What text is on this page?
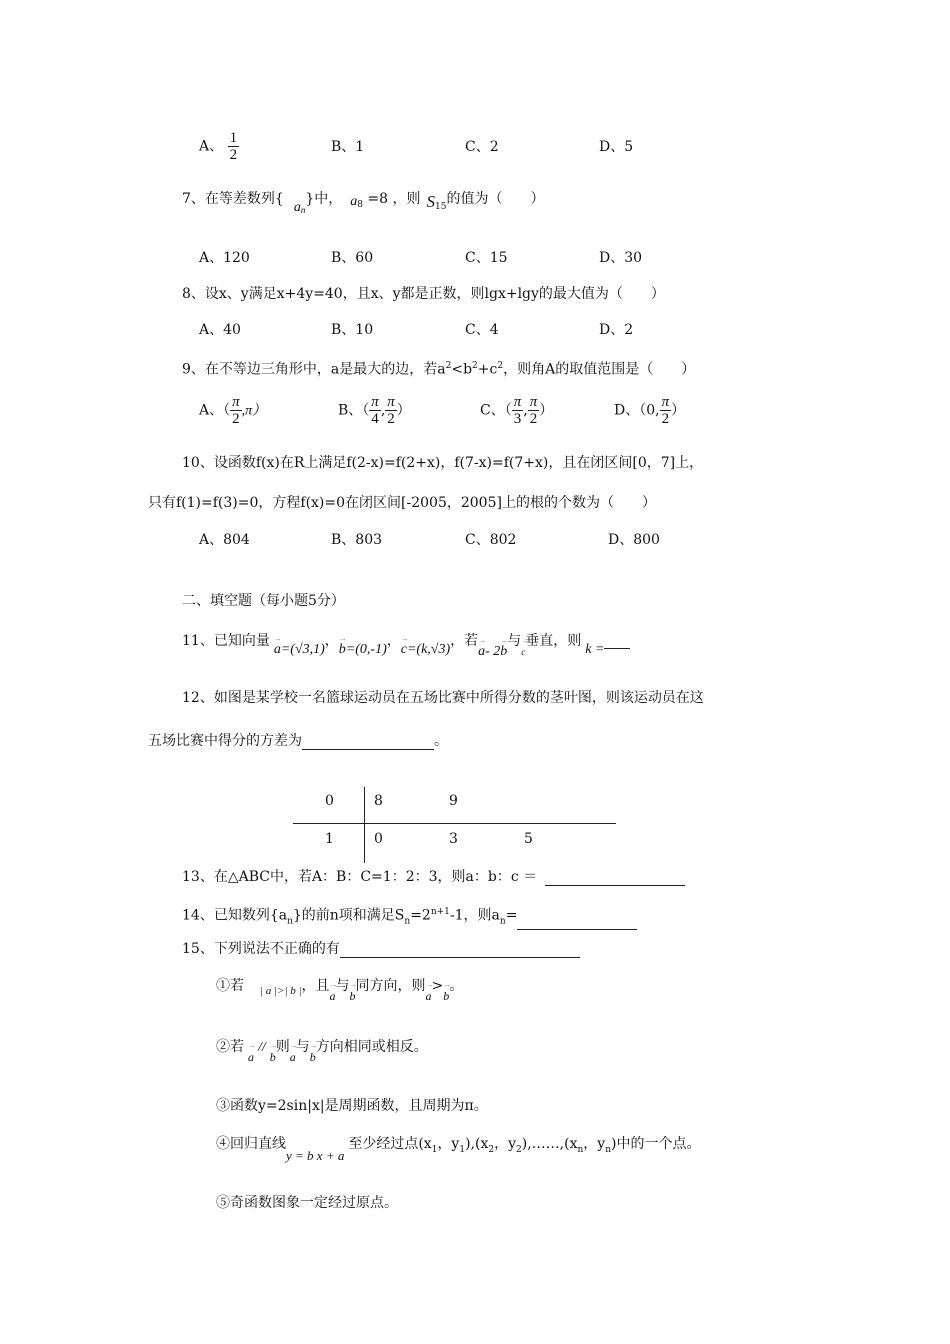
A、 $\frac{1}{2}$	B、1	C、2	D、5
7、在等差数列$\{a_n\}$中， $a_8 =8$ ，则 $S_{15}$的值为（　　）
A、120	B、60	C、15	D、30
8、设x、y满足x+4y=40，且x、y都是正数，则lgx+lgy的最大值为（　　）
A、40	B、10	C、4	D、2
9、在不等边三角形中，a是最大的边，若$a^2<b^2+c^2$，则角A的取值范围是（　　）
A、（ $\frac{\pi}{2} ,\pi$）	B、（ $\frac{\pi}{4}$ , $\frac{\pi}{2}$ ）	C、（ $\frac{\pi}{3}$ , $\frac{\pi}{2}$ ）	D、（0, $\frac{\pi}{2}$ ）
10、设函数f(x)在R上满足f(2-x)=f(2+x)，f(7-x)=f(7+x)，且在闭区间[0，7]上，
只有f(1)=f(3)=0，方程f(x)=0在闭区间[-2005，2005]上的根的个数为（　　）
A、804	B、803	C、802	D、800
二、填空题（每小题5分）
11、已知向量→ a=(√3,1)，→ b=(0,-1)，→ c=(k,√3)，若→ a- 2→ b与→ c垂直，则k =
12、如图是某学校一名篮球运动员在五场比赛中所得分数的茎叶图，则该运动员在这
五场比赛中得分的方差为	。
0	8	9
1	0	3	5
13、在△ABC中，若A：B：C=1：2：3，则a：b：c ＝
14、已知数列$\{a_n\}$的前n项和满足$S_n=2^{n+1}-1$，则$a_n=$
15、下列说法不正确的有
①若 $_{| a |>| b |}$，且→ a与→ b同方向，则→ a>→ b。
②若→ a//→ b则→ a与→ b方向相同或相反。
③函数y=2sin|x|是周期函数，且周期为π。
④回归直线y = b x + a至少经过点($x_1$，$y_1),(x_2$，$y_2),\dots\dots,(x_n$，$y_n$)中的一个点。
⑤奇函数图象一定经过原点。
